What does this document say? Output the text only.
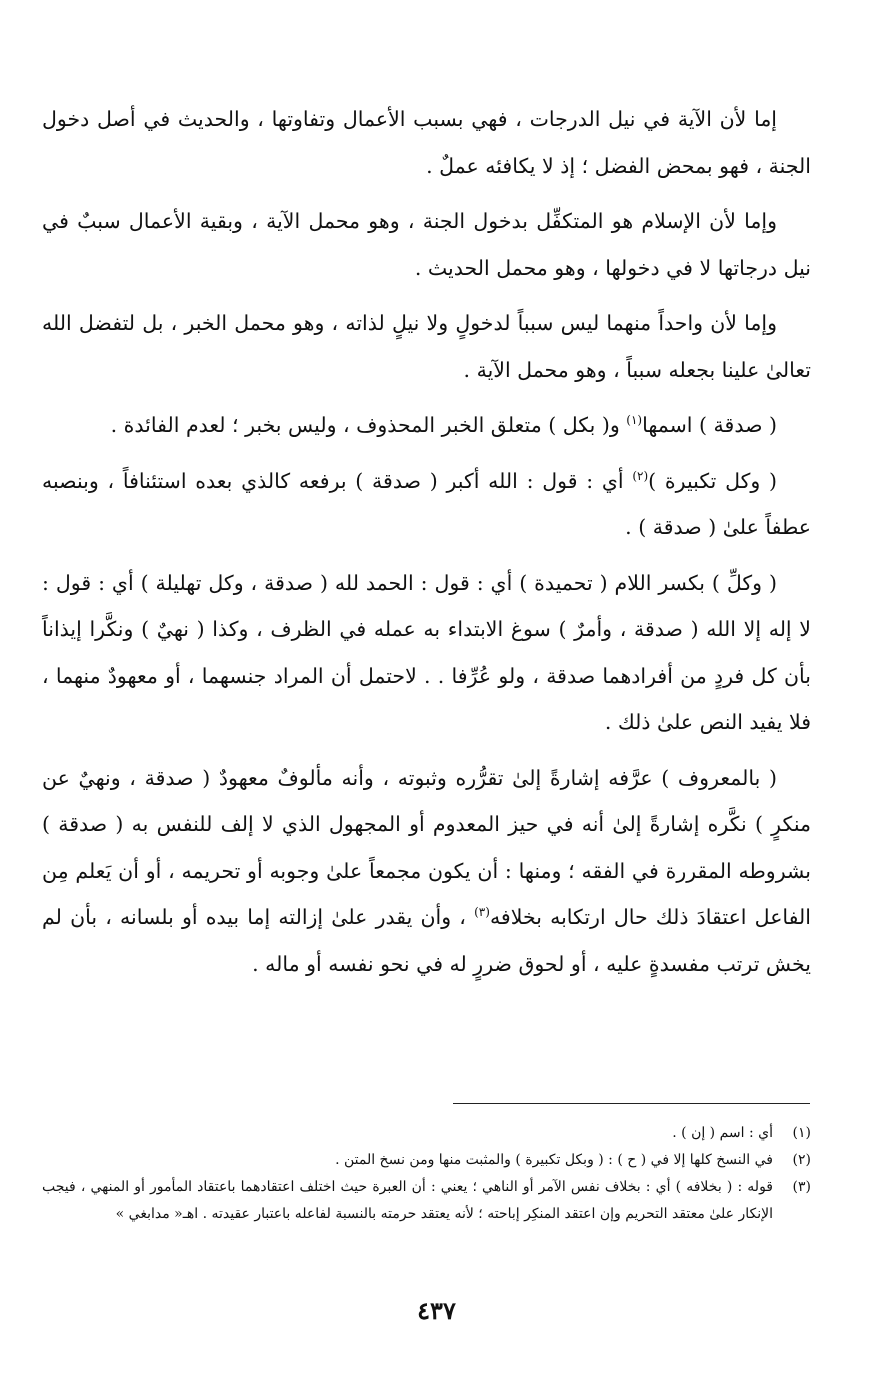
إما لأن الآية في نيل الدرجات ، فهي بسبب الأعمال وتفاوتها ، والحديث في أصل دخول الجنة ، فهو بمحض الفضل ؛ إذ لا يكافئه عملٌ .

وإما لأن الإسلام هو المتكفِّل بدخول الجنة ، وهو محمل الآية ، وبقية الأعمال سببٌ في نيل درجاتها لا في دخولها ، وهو محمل الحديث .

وإما لأن واحداً منهما ليس سبباً لدخولٍ ولا نيلٍ لذاته ، وهو محمل الخبر ، بل لتفضل الله تعالىٰ علينا بجعله سبباً ، وهو محمل الآية .

( صدقة ) اسمها$^{(١)}$ و( بكل ) متعلق الخبر المحذوف ، وليس بخبر ؛ لعدم الفائدة .

( وكل تكبيرة )$^{(٢)}$ أي : قول : الله أكبر ( صدقة ) برفعه كالذي بعده استئنافاً ، وبنصبه عطفاً علىٰ ( صدقة ) .

( وكلِّ ) بكسر اللام ( تحميدة ) أي : قول : الحمد لله ( صدقة ، وكل تهليلة ) أي : قول : لا إله إلا الله ( صدقة ، وأمرٌ ) سوغ الابتداء به عمله في الظرف ، وكذا ( نهيٌ ) ونكَّرا إيذاناً بأن كل فردٍ من أفرادهما صدقة ، ولو عُرِّفا . . لاحتمل أن المراد جنسهما ، أو معهودٌ منهما ، فلا يفيد النص علىٰ ذلك .

( بالمعروف ) عرَّفه إشارةً إلىٰ تقرُّره وثبوته ، وأنه مألوفٌ معهودٌ ( صدقة ، ونهيٌ عن منكرٍ ) نكَّره إشارةً إلىٰ أنه في حيز المعدوم أو المجهول الذي لا إلف للنفس به ( صدقة ) بشروطه المقررة في الفقه ؛ ومنها : أن يكون مجمعاً علىٰ وجوبه أو تحريمه ، أو أن يَعلم مِن الفاعل اعتقادَ ذلك حال ارتكابه بخلافه$^{(٣)}$ ، وأن يقدر علىٰ إزالته إما بيده أو بلسانه ، بأن لم يخش ترتب مفسدةٍ عليه ، أو لحوق ضررٍ له في نحو نفسه أو ماله .

(١)
أي : اسم ( إن ) .
(٢)
في النسخ كلها إلا في ( ح ) : ( وبكل تكبيرة ) والمثبت منها ومن نسخ المتن .
(٣)
قوله : ( بخلافه ) أي : بخلاف نفس الآمر أو الناهي ؛ يعني : أن العبرة حيث اختلف اعتقادهما باعتقاد المأمور أو المنهي ، فيجب الإنكار علىٰ معتقد التحريم وإن اعتقد المنكِر إباحته ؛ لأنه يعتقد حرمته بالنسبة لفاعله باعتبار عقيدته . اهـ« مدابغي »
٤٣٧
